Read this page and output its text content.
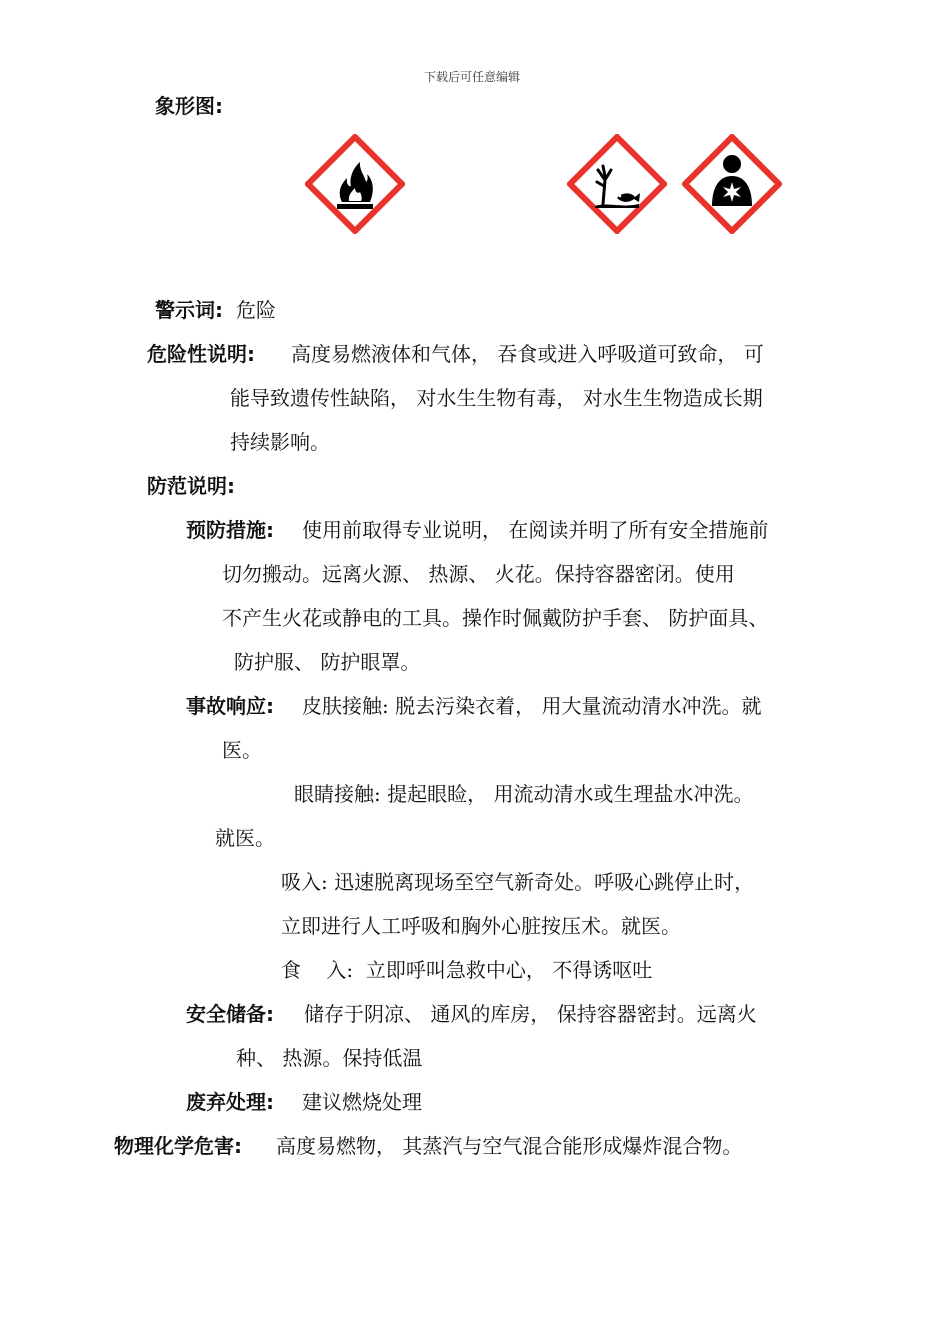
下载后可任意编辑
象形图:
警示词: 危险
危险性说明: 高度易燃液体和气体， 吞食或进入呼吸道可致命， 可
能导致遗传性缺陷， 对水生生物有毒， 对水生生物造成长期
持续影响。
防范说明:
预防措施: 使用前取得专业说明， 在阅读并明了所有安全措施前
切勿搬动。远离火源、 热源、 火花。保持容器密闭。使用
不产生火花或静电的工具。操作时佩戴防护手套、 防护面具、
防护服、 防护眼罩。
事故响应: 皮肤接触: 脱去污染衣着， 用大量流动清水冲洗。就
医。
眼睛接触: 提起眼睑， 用流动清水或生理盐水冲洗。
就医。
吸入: 迅速脱离现场至空气新奇处。呼吸心跳停止时，
立即进行人工呼吸和胸外心脏按压术。就医。
食    入:  立即呼叫急救中心， 不得诱呕吐
安全储备: 储存于阴凉、 通风的库房， 保持容器密封。远离火
种、 热源。保持低温
废弃处理: 建议燃烧处理
物理化学危害: 高度易燃物， 其蒸汽与空气混合能形成爆炸混合物。
